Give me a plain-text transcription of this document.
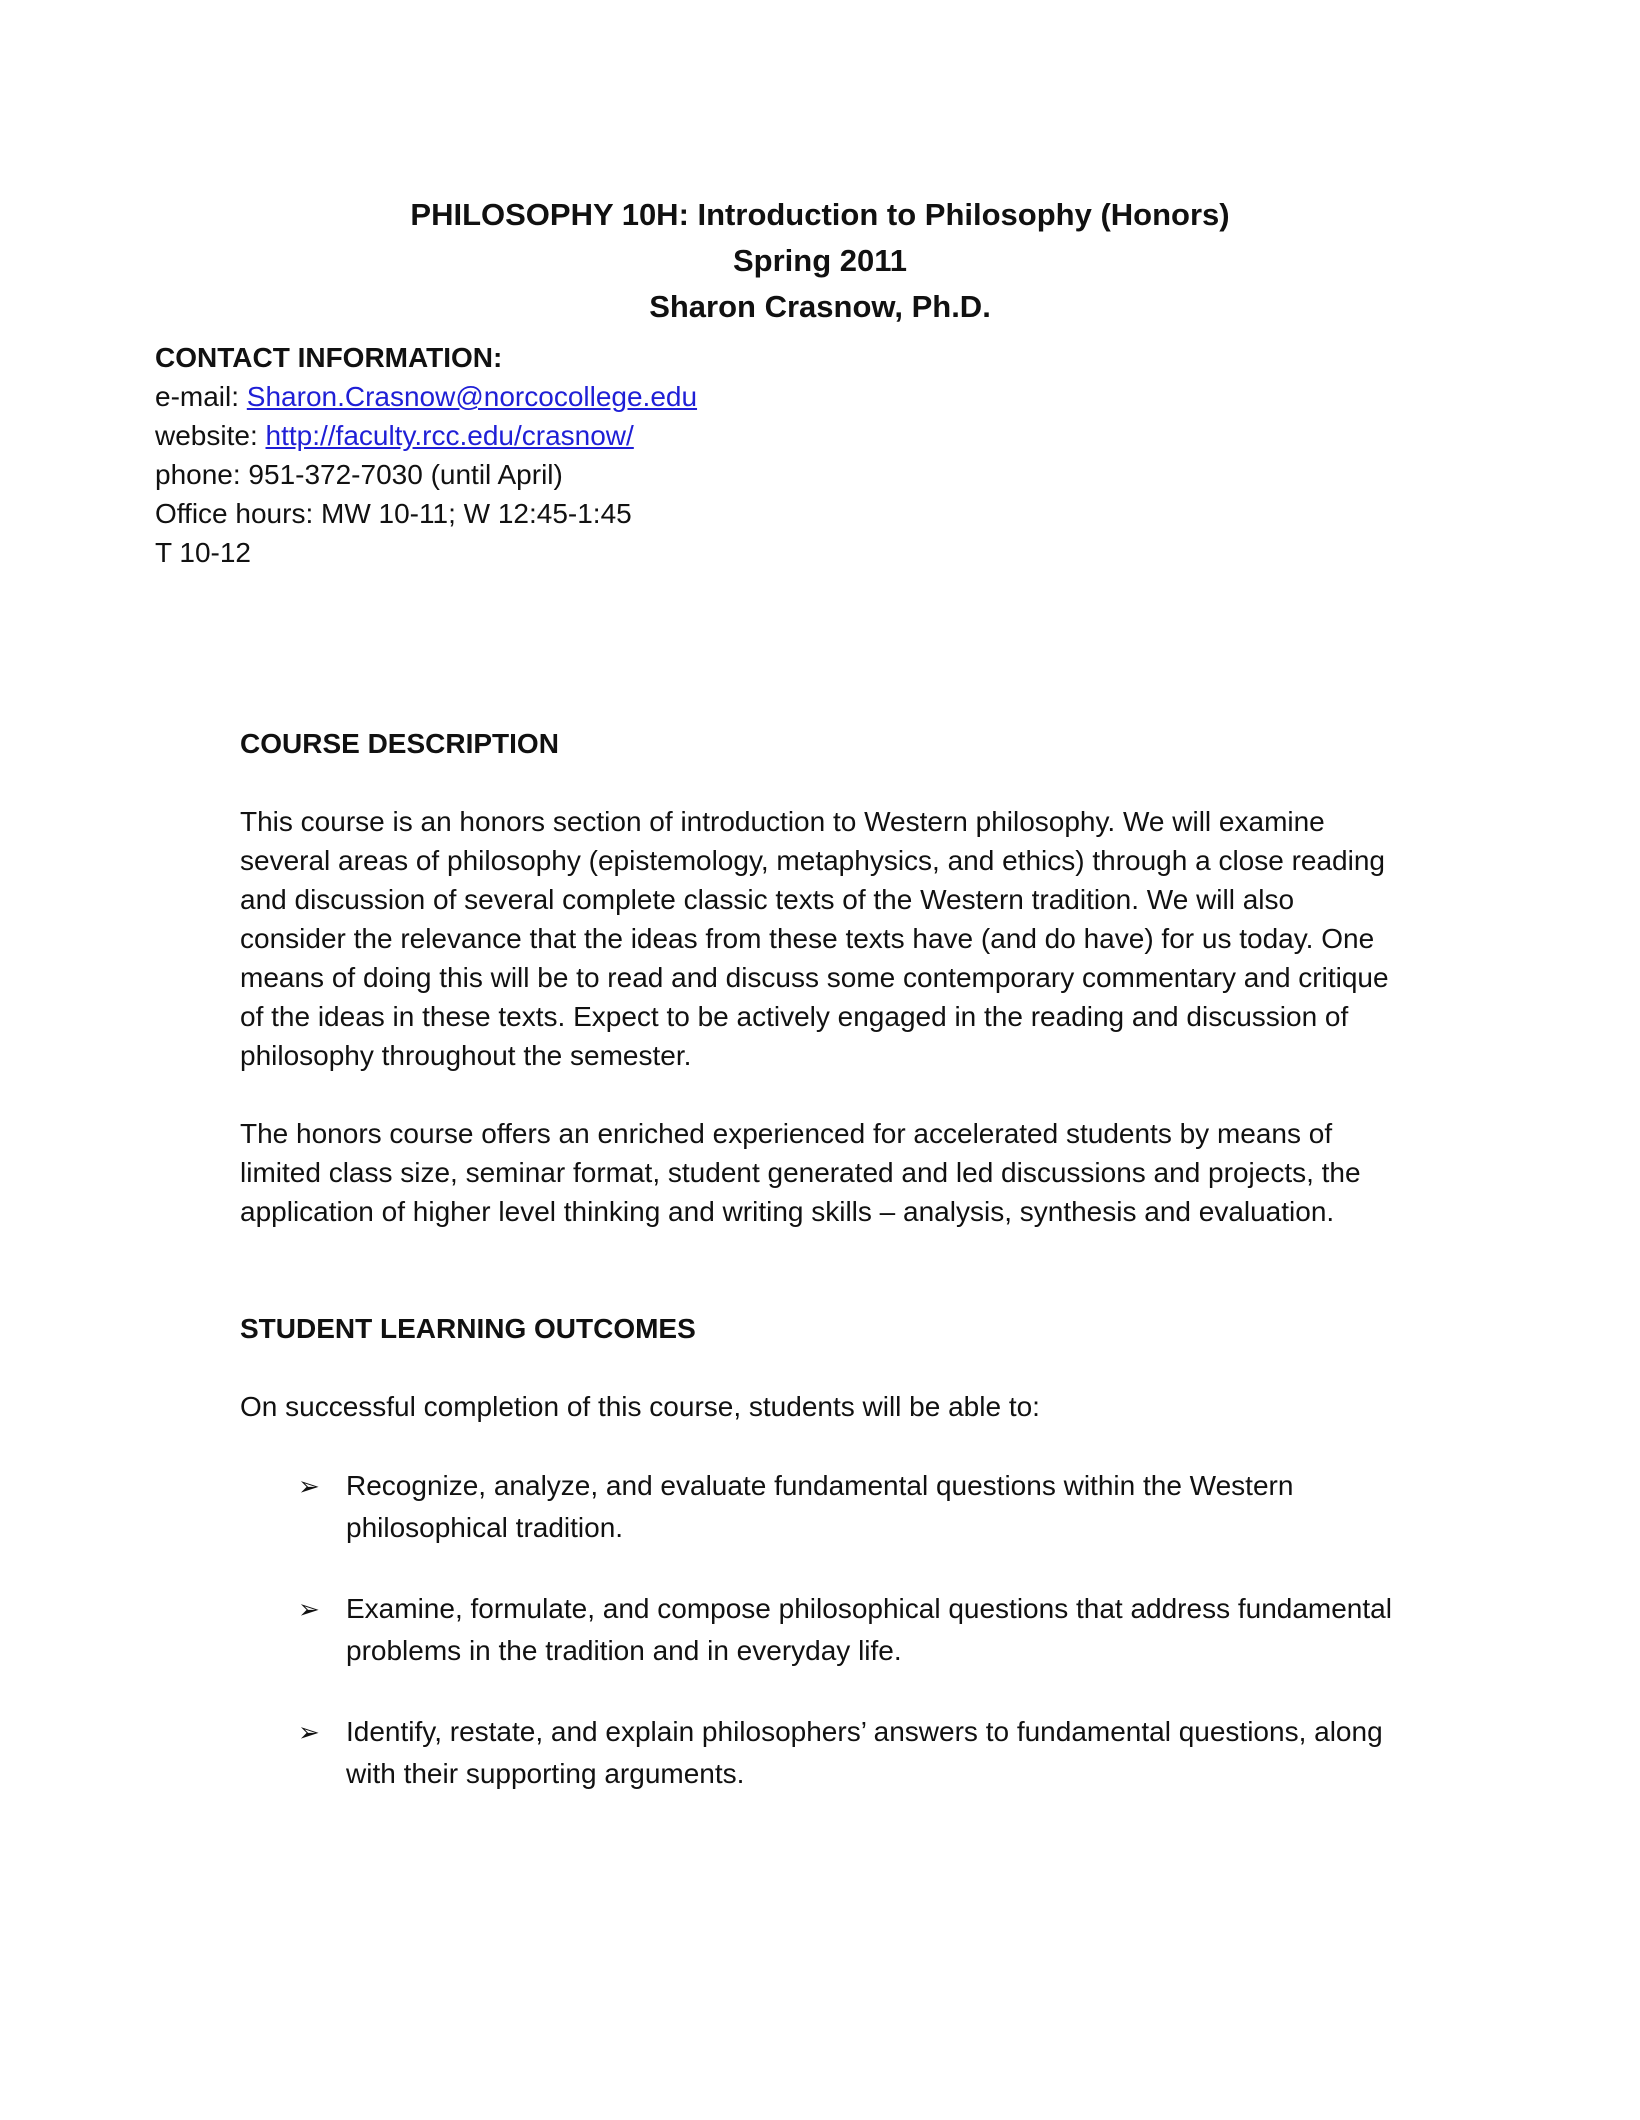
PHILOSOPHY 10H: Introduction to Philosophy (Honors)
Spring 2011
Sharon Crasnow, Ph.D.
CONTACT INFORMATION:
e-mail: Sharon.Crasnow@norcocollege.edu
website: http://faculty.rcc.edu/crasnow/
phone: 951-372-7030 (until April)
Office hours: MW 10-11; W 12:45-1:45
T 10-12
COURSE DESCRIPTION

This course is an honors section of introduction to Western philosophy. We will examine several areas of philosophy (epistemology, metaphysics, and ethics) through a close reading and discussion of several complete classic texts of the Western tradition. We will also consider the relevance that the ideas from these texts have (and do have) for us today. One means of doing this will be to read and discuss some contemporary commentary and critique of the ideas in these texts. Expect to be actively engaged in the reading and discussion of philosophy throughout the semester.

The honors course offers an enriched experienced for accelerated students by means of limited class size, seminar format, student generated and led discussions and projects, the application of higher level thinking and writing skills – analysis, synthesis and evaluation.

STUDENT LEARNING OUTCOMES

On successful completion of this course, students will be able to:

➢ Recognize, analyze, and evaluate fundamental questions within the Western philosophical tradition.
➢ Examine, formulate, and compose philosophical questions that address fundamental problems in the tradition and in everyday life.
➢ Identify, restate, and explain philosophers’ answers to fundamental questions, along with their supporting arguments.
